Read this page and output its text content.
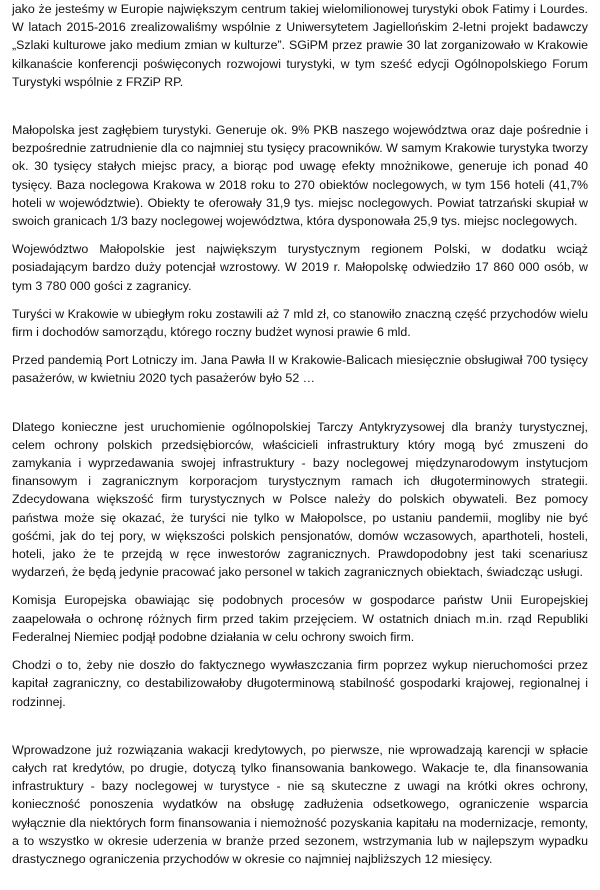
jako że jesteśmy w Europie największym centrum takiej wielomilionowej turystyki obok Fatimy i Lourdes. W latach 2015-2016 zrealizowaliśmy wspólnie z Uniwersytetem Jagiellońskim 2-letni projekt badawczy „Szlaki kulturowe jako medium zmian w kulturze”. SGiPM przez prawie 30 lat zorganizowało w Krakowie kilkanaście konferencji poświęconych rozwojowi turystyki, w tym sześć edycji Ogólnopolskiego Forum Turystyki wspólnie z FRZiP RP.

Małopolska jest zagłębiem turystyki. Generuje ok. 9% PKB naszego województwa oraz daje pośrednie i bezpośrednie zatrudnienie dla co najmniej stu tysięcy pracowników. W samym Krakowie turystyka tworzy ok. 30 tysięcy stałych miejsc pracy, a biorąc pod uwagę efekty mnożnikowe, generuje ich ponad 40 tysięcy. Baza noclegowa Krakowa w 2018 roku to 270 obiektów noclegowych, w tym 156 hoteli (41,7% hoteli w województwie). Obiekty te oferowały 31,9 tys. miejsc noclegowych. Powiat tatrzański skupiał w swoich granicach 1/3 bazy noclegowej województwa, która dysponowała 25,9 tys. miejsc noclegowych.

Województwo Małopolskie jest największym turystycznym regionem Polski, w dodatku wciąż posiadającym bardzo duży potencjał wzrostowy. W 2019 r. Małopolskę odwiedziło 17 860 000 osób, w tym 3 780 000 gości z zagranicy.

Turyści w Krakowie w ubiegłym roku zostawili aż 7 mld zł, co stanowiło znaczną część przychodów wielu firm i dochodów samorządu, którego roczny budżet wynosi prawie 6 mld.

Przed pandemią Port Lotniczy im. Jana Pawła II w Krakowie-Balicach miesięcznie obsługiwał 700 tysięcy pasażerów, w kwietniu 2020 tych pasażerów było 52 …

Dlatego konieczne jest uruchomienie ogólnopolskiej Tarczy Antykryzysowej dla branży turystycznej, celem ochrony polskich przedsiębiorców, właścicieli infrastruktury który mogą być zmuszeni do zamykania i wyprzedawania swojej infrastruktury - bazy noclegowej międzynarodowym instytucjom finansowym i zagranicznym korporacjom turystycznym ramach ich długoterminowych strategii. Zdecydowana większość firm turystycznych w Polsce należy do polskich obywateli. Bez pomocy państwa może się okazać, że turyści nie tylko w Małopolsce, po ustaniu pandemii, mogliby nie być gośćmi, jak do tej pory, w większości polskich pensjonatów, domów wczasowych, aparthoteli, hosteli, hoteli, jako że te przejdą w ręce inwestorów zagranicznych. Prawdopodobny jest taki scenariusz wydarzeń, że będą jedynie pracować jako personel w takich zagranicznych obiektach, świadcząc usługi.

Komisja Europejska obawiając się podobnych procesów w gospodarce państw Unii Europejskiej zaapelowała o ochronę różnych firm przed takim przejęciem. W ostatnich dniach m.in. rząd Republiki Federalnej Niemiec podjął podobne działania w celu ochrony swoich firm.

Chodzi o to, żeby nie doszło do faktycznego wywłaszczania firm poprzez wykup nieruchomości przez kapitał zagraniczny, co destabilizowałoby długoterminową stabilność gospodarki krajowej, regionalnej i rodzinnej.

Wprowadzone już rozwiązania wakacji kredytowych, po pierwsze, nie wprowadzają karencji w spłacie całych rat kredytów, po drugie, dotyczą tylko finansowania bankowego. Wakacje te, dla finansowania infrastruktury - bazy noclegowej w turystyce - nie są skuteczne z uwagi na krótki okres ochrony, konieczność ponoszenia wydatków na obsługę zadłużenia odsetkowego, ograniczenie wsparcia wyłącznie dla niektórych form finansowania i niemożność pozyskania kapitału na modernizacje, remonty, a to wszystko w okresie uderzenia w branże przed sezonem, wstrzymania lub w najlepszym wypadku drastycznego ograniczenia przychodów w okresie co najmniej najbliższych 12 miesięcy.
